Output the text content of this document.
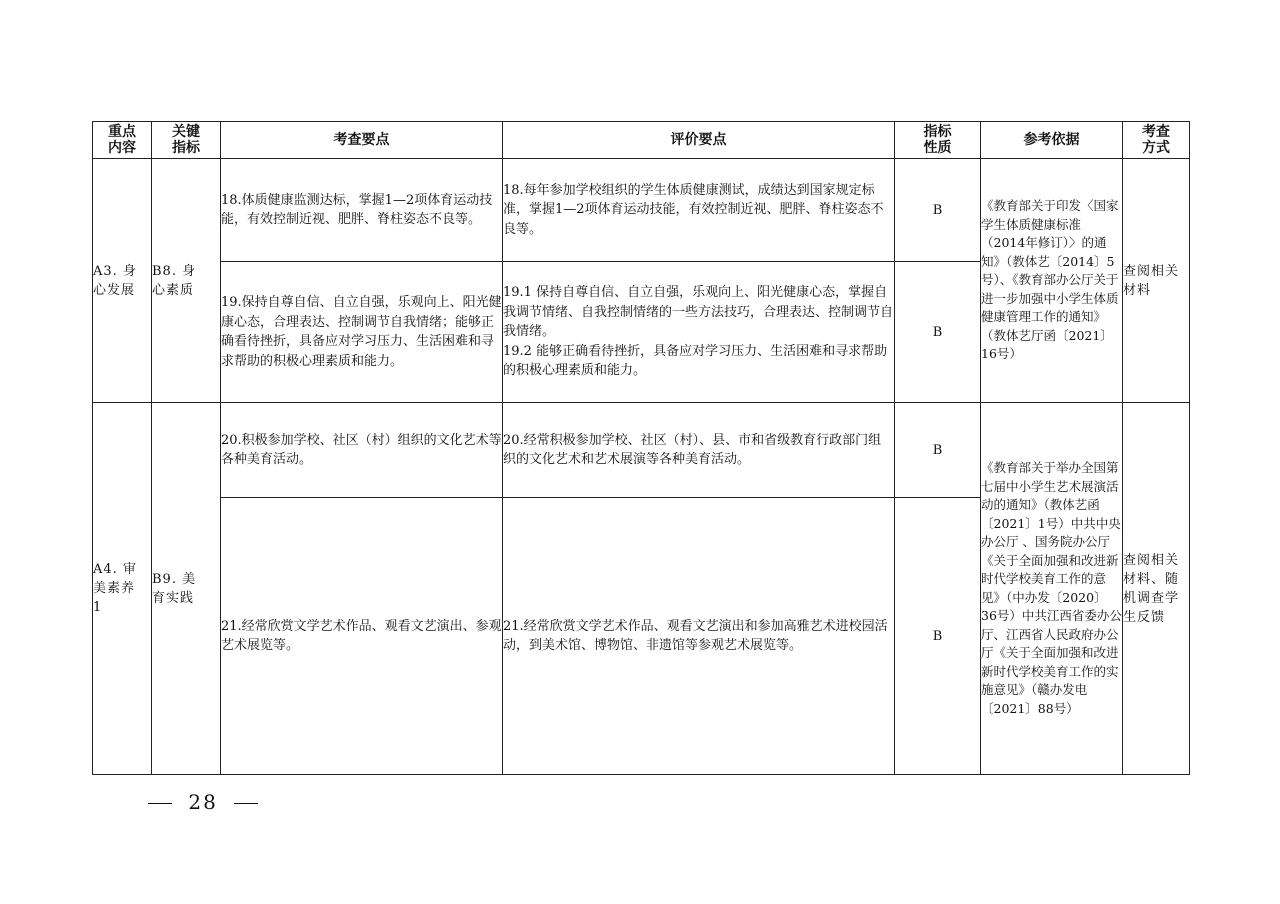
重点内容	关键指标	考查要点	评价要点	指标性质	参考依据	考查方式

A3. 身心发展	B8. 身心素质	18.体质健康监测达标，掌握1—2项体育运动技能，有效控制近视、肥胖、脊柱姿态不良等。	18.每年参加学校组织的学生体质健康测试，成绩达到国家规定标准，掌握1—2项体育运动技能，有效控制近视、肥胖、脊柱姿态不良等。	B	《教育部关于印发〈国家学生体质健康标准（2014年修订）〉的通知》（教体艺〔2014〕5号）、《教育部办公厅关于进一步加强中小学生体质健康管理工作的通知》（教体艺厅函〔2021〕16号）	查阅相关材料
		19.保持自尊自信、自立自强，乐观向上、阳光健康心态，合理表达、控制调节自我情绪；能够正确看待挫折，具备应对学习压力、生活困难和寻求帮助的积极心理素质和能力。	19.1 保持自尊自信、自立自强，乐观向上、阳光健康心态，掌握自我调节情绪、自我控制情绪的一些方法技巧，合理表达、控制调节自我情绪。
19.2 能够正确看待挫折，具备应对学习压力、生活困难和寻求帮助的积极心理素质和能力。	B		

A4. 审美素养1	B9. 美育实践	20.积极参加学校、社区（村）组织的文化艺术等各种美育活动。	20.经常积极参加学校、社区（村）、县、市和省级教育行政部门组织的文化艺术和艺术展演等各种美育活动。	B	《教育部关于举办全国第七届中小学生艺术展演活动的通知》（教体艺函〔2021〕1号）中共中央办公厅 、国务院办公厅《关于全面加强和改进新时代学校美育工作的意见》（中办发〔2020〕36号）中共江西省委办公厅、江西省人民政府办公厅《关于全面加强和改进新时代学校美育工作的实施意见》（赣办发电〔2021〕88号）	查阅相关 材料、随机调查学生反馈
		21.经常欣赏文学艺术作品、观看文艺演出、参观艺术展览等。	21.经常欣赏文学艺术作品、观看文艺演出和参加高雅艺术进校园活动，到美术馆、博物馆、非遗馆等参观艺术展览等。	B		
28
